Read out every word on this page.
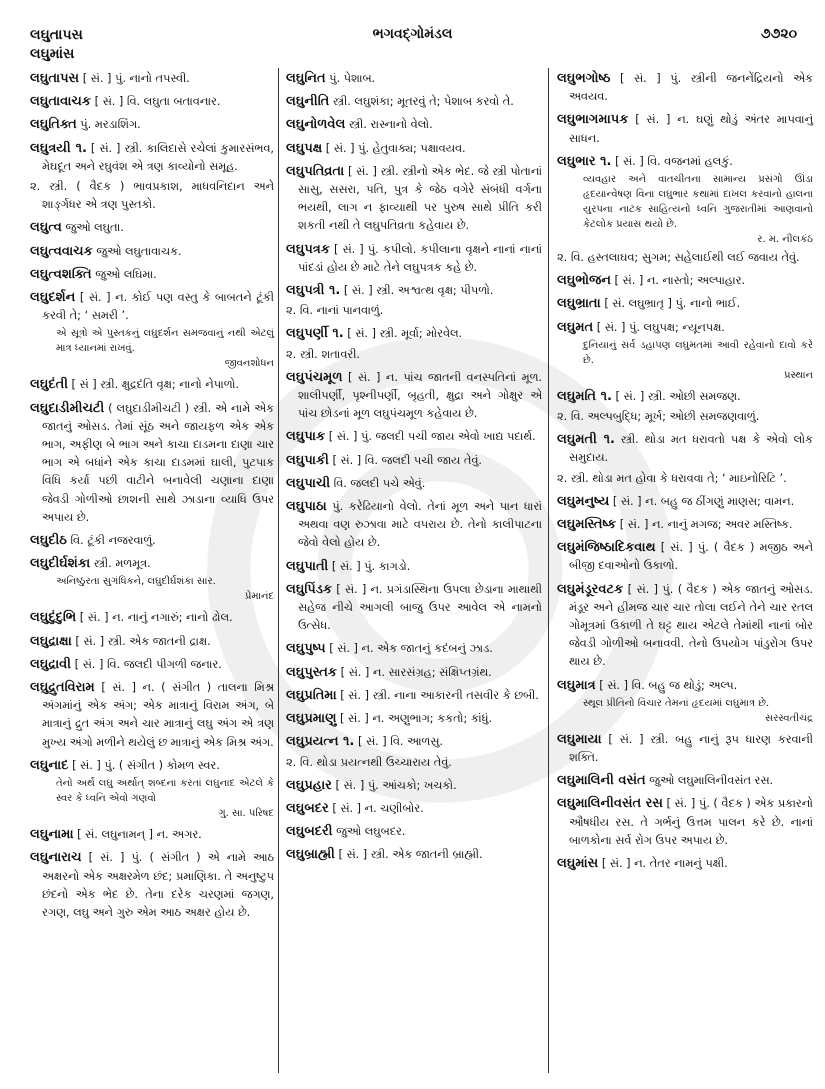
લઘુતાપસ
લઘુમાંસ
ભગવદ્ગોમંડલ	૭૭૨૦
લઘુતાપસ [ સં. ] પું. નાનો તપસ્વી.
લઘુતાવાચક [ સં. ] વિ. લઘુતા બતાવનાર.
લઘુતિક્ત પું. મરડાશિંગ.
લઘુત્રયી ૧. [ સં. ] સ્ત્રી. કાલિદાસે રચેલાં કુમારસંભવ, મેઘદૂત અને રઘુવંશ એ ત્રણ કાવ્યોનો સમૂહ.
૨. સ્ત્રી. ( વૈદક ) ભાવપ્રકાશ, માધવનિદાન અને શાર્ઙ્ગધર એ ત્રણ પુસ્તકો.
લઘુત્વ જુઓ લઘુતા.
લઘુત્વવાચક જુઓ લઘુતાવાચક.
લઘુત્વશક્તિ જુઓ લઘિમા.
લઘુદર્શન [ સં. ] ન. કોઈ પણ વસ્તુ કે બાબતને ટૂંકી કરવી તે; ‘ સમરી ’.
એ સૂત્રો એ પુસ્તકનું લઘુદર્શન સમજવાનું નથી એટલું માત્ર ધ્યાનમાં રાખવું.
જીવનશોધન
લઘુદંતી [ સં ] સ્ત્રી. ક્ષુદ્રદંતિ વૃક્ષ; નાનો નેપાળો.
લઘુદાડીમીચટી ( લઘુદાડીમીચટી ) સ્ત્રી. એ નામે એક જાતનું ઓસડ. તેમાં સૂંઠ અને જાયફળ એક એક ભાગ, અફીણ બે ભાગ અને કાચા દાડમના દાણા ચાર ભાગ એ બધાંને એક કાચા દાડમમાં ઘાલી, પુટપાક વિધિ કર્યા પછી વાટીને બનાવેલી ચણાના દાણા જેવડી ગોળીઓ છાશની સાથે ઝાડાના વ્યાધિ ઉપર અપાય છે.
લઘુદીઠ વિ. ટૂંકી નજરવાળું.
લઘુદીર્ઘશંકા સ્ત્રી. મળમૂત્ર.
અનિષ્ઠુરતા સુગંધિકને, લઘુદીર્ઘશંકા સાર.
પ્રેમાનંદ
લઘુદુંદુભિ [ સં. ] ન. નાનું નગારું; નાનો ઢોલ.
લઘુદ્રાક્ષા [ સં. ] સ્ત્રી. એક જાતની દ્રાક્ષ.
લઘુદ્રાવી [ સં. ] વિ. જલદી પીગળી જનાર.
લઘુદ્રુતવિરામ [ સં. ] ન. ( સંગીત ) તાલના મિશ્ર અંગમાંનું એક અંગ; એક માત્રાનું વિરામ અંગ, બે માત્રાનું દ્રુત અંગ અને ચાર માત્રાનું લઘુ અંગ એ ત્રણ મુખ્ય અંગો મળીને થયેલું છ માત્રાનું એક મિશ્ર અંગ.
લઘુનાદ [ સં. ] પું. ( સંગીત ) કોમળ સ્વર.
તેનો અર્થ લઘુ અર્થાત્ શબ્દના કરતાં લઘુનાદ એટલે કે સ્વર કે ધ્વનિ એવો ગણવો
ગુ. સા. પરિષદ
લઘુનામા [ સં. લઘુનામન્ ] ન. અગર.
લઘુનારાચ [ સં. ] પું. ( સંગીત ) એ નામે આઠ અક્ષરનો એક અક્ષરમેળ છંદ; પ્રમાણિકા. તે અનુષ્ટુપ છંદનો એક ભેદ છે. તેના દરેક ચરણમાં જગણ, રગણ, લઘુ અને ગુરુ એમ આઠ અક્ષર હોય છે.
લઘુનિત પું. પેશાબ.
લઘુનીતિ સ્ત્રી. લઘુશંકા; મૂતરવું તે; પેશાબ કરવો તે.
લઘુનોળવેલ સ્ત્રી. રાસ્નાનો વેલો.
લઘુપક્ષ [ સં. ] પું. હેતુવાક્ય; પક્ષાવયવ.
લઘુપતિવ્રતા [ સં. ] સ્ત્રી. સ્ત્રીનો એક ભેદ. જે સ્ત્રી પોતાનાં સાસુ, સસરા, પતિ, પુત્ર કે જેઠ વગેરે સંબંધી વર્ગના ભયથી, લાગ ન ફાવ્યાથી પર પુરુષ સાથે પ્રીતિ કરી શકતી નથી તે લઘુપતિવ્રતા કહેવાય છે.
લઘુપત્રક [ સં. ] પું. કપીલો. કપીલાના વૃક્ષને નાનાં નાનાં પાંદડાં હોય છે માટે તેને લઘુપત્રક કહે છે.
લઘુપત્રી ૧. [ સં. ] સ્ત્રી. અશ્વત્થ વૃક્ષ; પીપળો.
૨. વિ. નાનાં પાનવાળું.
લઘુપર્ણી ૧. [ સં. ] સ્ત્રી. મૂર્વા; મોરવેલ.
૨. સ્ત્રી. શતાવરી.
લઘુપંચમૂળ [ સં. ] ન. પાંચ જાતની વનસ્પતિનાં મૂળ. શાલીપર્ણી, પૃશ્નીપર્ણી, બૃહતી, ક્ષુદ્રા અને ગોક્ષુર એ પાંચ છોડનાં મૂળ લઘુપંચમૂળ કહેવાય છે.
લઘુપાક [ સં. ] પું. જલદી પચી જાય એવો ખાદ્ય પદાર્થ.
લઘુપાકી [ સં. ] વિ. જલદી પચી જાય તેવું.
લઘુપાચી વિ. જલદી પચે એવું.
લઘુપાઠા પું. કરેઢિયાનો વેલો. તેનાં મૂળ અને પાન ધારાં અથવા વણ રુઝાવા માટે વપરાય છે. તેનો કાલીપાટના જેવો વેલો હોય છે.
લઘુપાતી [ સં. ] પું. કાગડો.
લઘુપિંડક [ સં. ] ન. પ્રગંડાસ્થિના ઉપલા છેડાના માથાથી સહેજ નીચે આગલી બાજુ ઉપર આવેલ એ નામનો ઉત્સેધ.
લઘુપુષ્પ [ સં. ] ન. એક જાતનું કદંબનું ઝાડ.
લઘુપુસ્તક [ સં. ] ન. સારસંગ્રહ; સંક્ષિપ્તગ્રંથ.
લઘુપ્રતિમા [ સં. ] સ્ત્રી. નાના આકારની તસવીર કે છબી.
લઘુપ્રમાણુ [ સં. ] ન. અણુભાગ; કકતો; કાંધું.
લઘુપ્રયત્ન ૧. [ સં. ] વિ. આળસુ.
૨. વિ. થોડા પ્રયત્નથી ઉચ્ચારાય તેવું.
લઘુપ્રહાર [ સં. ] પું. આંચકો; ખચકો.
લઘુબદર [ સં. ] ન. ચણીબોર.
લઘુબદરી જુઓ લઘુબદર.
લઘુબ્રાહ્મી [ સં. ] સ્ત્રી. એક જાતની બ્રાહ્મી.
લઘુભગોષ્ઠ [ સં. ] પું. સ્ત્રીની જનનેંદ્રિયનો એક અવયવ.
લઘુભાગમાપક [ સં. ] ન. ઘણું થોડું અંતર માપવાનું સાધન.
લઘુભાર ૧. [ સં. ] વિ. વજનમાં હલકું.
વ્યવહાર અને વાતચીતના સામાન્ય પ્રસંગો ઊંડા હૃદયાન્વેષણ વિના લઘુભાર કથામાં દાખલ કરવાનો હાલના યુરપના નાટક સાહિત્યનો ધ્વનિ ગુજરાતીમાં આણવાનો કેટલોક પ્રયાસ થયો છે.
ર. મ. નીલકંઠ
૨. વિ. હસ્તલાઘવ; સુગમ; સહેલાઈથી લઈ જવાય તેવું.
લઘુભોજન [ સં. ] ન. નાસ્તો; અલ્પાહાર.
લઘુભ્રાતા [ સં. લઘુભ્રાતૃ ] પું. નાનો ભાઈ.
લઘુમત [ સં. ] પું. લઘુપક્ષ; ન્યૂનપક્ષ.
દુનિયાનું સર્વ ડહાપણ લઘુમતમાં આવી રહેવાનો દાવો કરે છે.
પ્રસ્થાન
લઘુમતિ ૧. [ સં. ] સ્ત્રી. ઓછી સમજણ.
૨. વિ. અલ્પબુદ્ધિ; મૂર્ખ; ઓછી સમજણવાળું.
લઘુમતી ૧. સ્ત્રી. થોડા મત ધરાવતો પક્ષ કે એવો લોક સમુદાય.
૨. સ્ત્રી. થોડા મત હોવા કે ધરાવવા તે; ‘ માઇનોરિટિ ’.
લઘુમનુષ્ય [ સં. ] ન. બહુ જ ઠીંગણું માણસ; વામન.
લઘુમસ્તિષ્ક [ સં. ] ન. નાનું મગજ; અવર મસ્તિષ્ક.
લઘુમંજિષ્ઠાદિકવાથ [ સં. ] પું. ( વૈદક ) મજીઠ અને બીજી દવાઓનો ઉકાળો.
લઘુમંડૂરવટક [ સં. ] પું. ( વૈદક ) એક જાતનું ઓસડ. મંડૂર અને હીમજ ચાર ચાર તોલા લઈને તેને ચાર રતલ ગોમૂત્રમાં ઉકાળી તે ઘટ્ટ થાય એટલે તેમાંથી નાનાં બોર જેવડી ગોળીઓ બનાવવી. તેનો ઉપયોગ પાંડુરોગ ઉપર થાય છે.
લઘુમાત્ર [ સં. ] વિ. બહુ જ થોડું; અલ્પ.
સ્થૂલ પ્રીતિનો વિચાર તેમનાં હૃદયમાં લઘુમાત્ર છે.
સરસ્વતીચંદ્ર
લઘુમાયા [ સં. ] સ્ત્રી. બહુ નાનું રૂપ ધારણ કરવાની શક્તિ.
લઘુમાલિની વસંત જુઓ લઘુમાલિનીવસંત રસ.
લઘુમાલિનીવસંત રસ [ સં. ] પું. ( વૈદક ) એક પ્રકારનો ઔષધીય રસ. તે ગર્ભનું ઉત્તમ પાલન કરે છે. નાનાં બાળકોના સર્વ રોગ ઉપર અપાય છે.
લઘુમાંસ [ સં. ] ન. તેતર નામનું પક્ષી.
